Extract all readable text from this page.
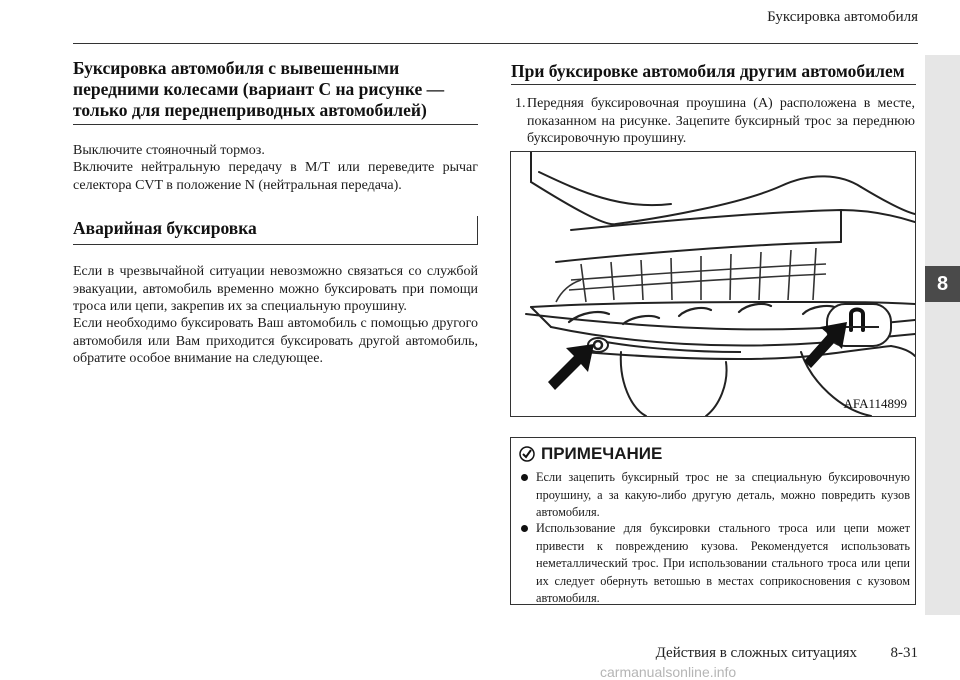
Буксировка автомобиля
8
Буксировка автомобиля с вывешенными
передними колесами (вариант C на рисунке —
только для переднеприводных автомобилей)

Выключите стояночный тормоз.

Включите нейтральную передачу в M/T или переведите рычаг селектора CVT в положение N (нейтральная передача).

Аварийная буксировка

Если в чрезвычайной ситуации невозможно связаться со службой эвакуации, автомобиль временно можно буксировать при помощи троса или цепи, закрепив их за специальную проушину.

Если необходимо буксировать Ваш автомобиль с помощью другого автомобиля или Вам приходится буксировать другой автомобиль, обратите особое внимание на следующее.

При буксировке автомобиля другим автомобилем
1. Передняя буксировочная проушина (A) расположена в месте, показанном на рисунке. Зацепите буксирный трос за переднюю буксировочную проушину.
AFA114899
ПРИМЕЧАНИЕ
Если зацепить буксирный трос не за специальную буксировочную проушину, а за какую-либо другую деталь, можно повредить кузов автомобиля.
Использование для буксировки стального троса или цепи может привести к повреждению кузова. Рекомендуется использовать неметаллический трос. При использовании стального троса или цепи их следует обернуть ветошью в местах соприкосновения с кузовом автомобиля.
Действия в сложных ситуациях 8-31
carmanualsonline.info
